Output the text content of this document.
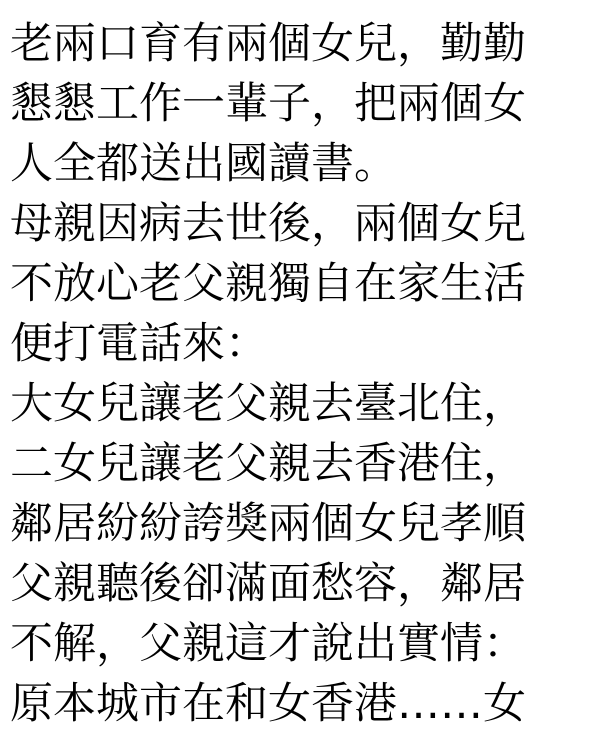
老兩口育有兩個女兒，勤勤
懇懇工作一輩子，把兩個女
人全都送出國讀書。
母親因病去世後，兩個女兒
不放心老父親獨自在家生活
便打電話來：
大女兒讓老父親去臺北住，
二女兒讓老父親去香港住，
鄰居紛紛誇獎兩個女兒孝順
父親聽後卻滿面愁容，鄰居
不解，父親這才說出實情：
原本城市在和女香港……女
